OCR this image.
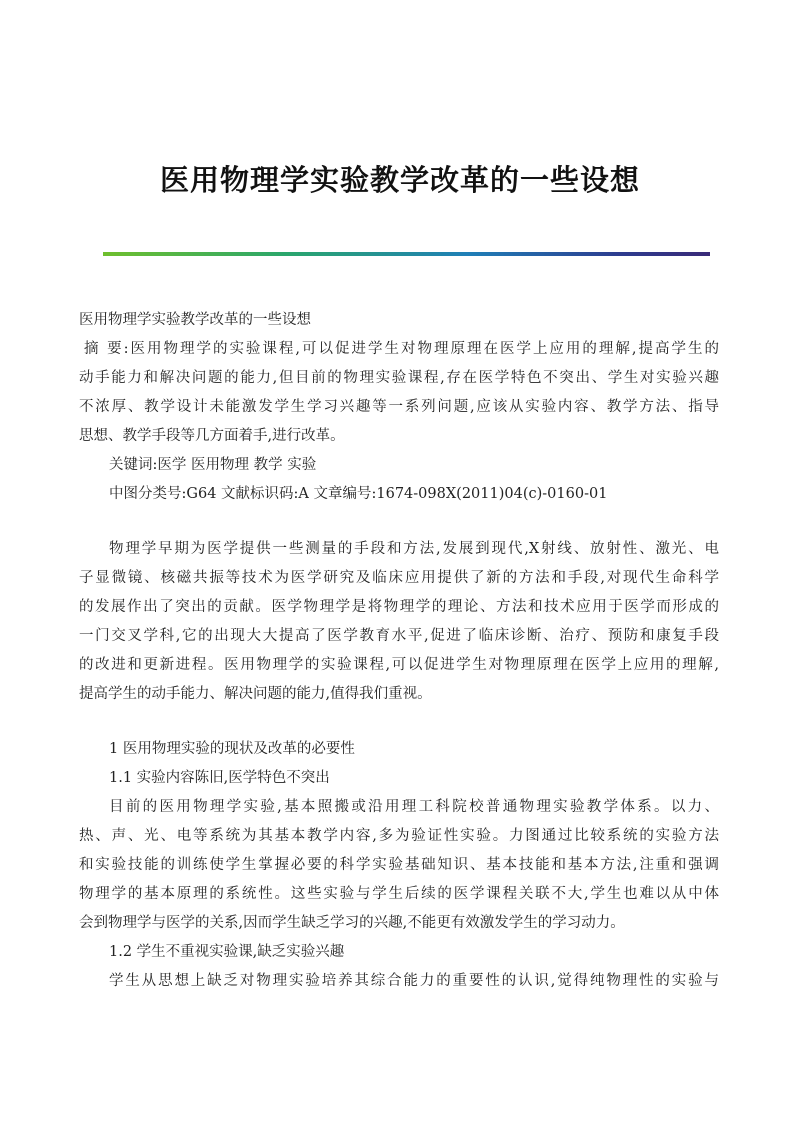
医用物理学实验教学改革的一些设想

医用物理学实验教学改革的一些设想

摘 要:医用物理学的实验课程,可以促进学生对物理原理在医学上应用的理解,提高学生的

动手能力和解决问题的能力,但目前的物理实验课程,存在医学特色不突出、学生对实验兴趣

不浓厚、教学设计未能激发学生学习兴趣等一系列问题,应该从实验内容、教学方法、指导

思想、教学手段等几方面着手,进行改革。

关键词:医学 医用物理 教学 实验

中图分类号:G64 文献标识码:A 文章编号:1674-098X(2011)04(c)-0160-01

物理学早期为医学提供一些测量的手段和方法,发展到现代,X射线、放射性、激光、电

子显微镜、核磁共振等技术为医学研究及临床应用提供了新的方法和手段,对现代生命科学

的发展作出了突出的贡献。医学物理学是将物理学的理论、方法和技术应用于医学而形成的

一门交叉学科,它的出现大大提高了医学教育水平,促进了临床诊断、治疗、预防和康复手段

的改进和更新进程。医用物理学的实验课程,可以促进学生对物理原理在医学上应用的理解,

提高学生的动手能力、解决问题的能力,值得我们重视。

1 医用物理实验的现状及改革的必要性

1.1 实验内容陈旧,医学特色不突出

目前的医用物理学实验,基本照搬或沿用理工科院校普通物理实验教学体系。以力、

热、声、光、电等系统为其基本教学内容,多为验证性实验。力图通过比较系统的实验方法

和实验技能的训练使学生掌握必要的科学实验基础知识、基本技能和基本方法,注重和强调

物理学的基本原理的系统性。这些实验与学生后续的医学课程关联不大,学生也难以从中体

会到物理学与医学的关系,因而学生缺乏学习的兴趣,不能更有效激发学生的学习动力。

1.2 学生不重视实验课,缺乏实验兴趣

学生从思想上缺乏对物理实验培养其综合能力的重要性的认识,觉得纯物理性的实验与
